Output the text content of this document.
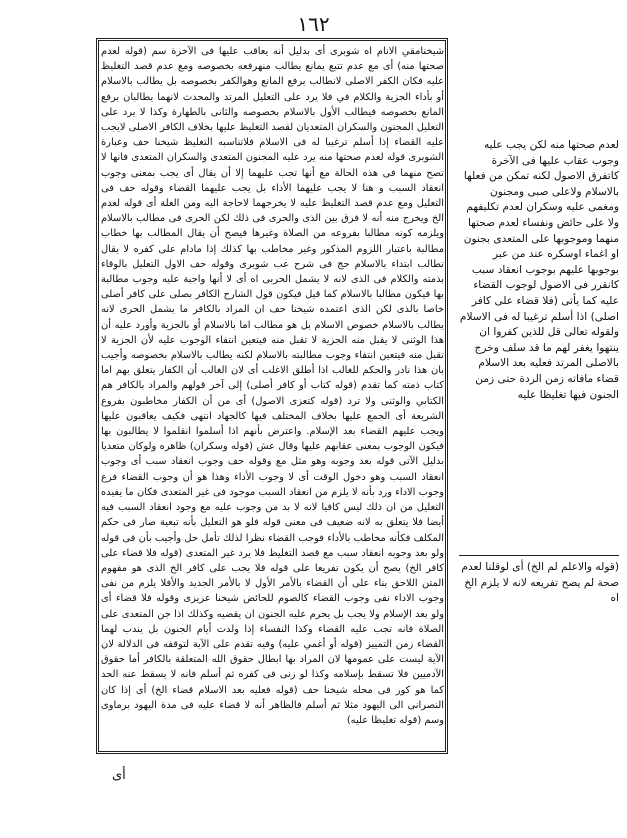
١٦٢

شيخنامقي الانام اه شوبرى أى بدليل أنه يعاقب عليها فى الآخرة سم (قوله لعدم صحتها منه) أى مع عدم تتبع يمانع يطالب منهرفعه بخصوصه ومع عدم قصد التغليظ عليه فكان الكفر الاصلى لانطالب برفع المانع وهوالكفر بخصوصه بل يطالب بالاسلام أو بأداء الجزية والكلام في فلا يرد على التعليل المرتد والمحدث لانهما يطالبان برفع المانع بخصوصه فيطالب الأول بالاسلام بخصوصه والثانى بالطهارة وكذا لا يرد على التعليل المجنون والسكران المتعديان لقصد التغليظ عليها بخلاف الكافر الاصلى لايجب عليه القضاء إذا أسلم ترغيبا له فى الاسلام فلاتناسبه التغليظ شيخنا حف وعبارة الشوبرى قوله لعدم صحتها منه يرد عليه المجنون المتعدى والسكران المتعدى فانها لا تصح منهما فى هذه الحالة مع أنها تجب عليهما إلا أن يقال أى يجب بمعنى وجوب انعقاد السبب و هنا لا يجب عليهما الأداء بل يجب عليهما القضاء وقوله حف فى التعليل ومع عدم قصد التغليظ عليه لا يخرجهما لاحاجة اليه ومن العلة أى قوله لعدم الخ ويخرج منه أنه لا فرق بين الذى والحرى فى ذلك لكن الحرى فى مطالب بالاسلام ويلزمه كونه مطالبا بفروعه من الصلاة وغيرها فيصح أن يقال المطالب بها خطاب مطالبة باعتبار اللزوم المذكور وغير مخاطب بها كذلك إذا مادام على كفره لا يقال تطالب ابتداء بالاسلام حج فى شرح عب شوبرى وقوله حف الاول التعليل بالوقاء بذمته والكلام فى الذى لانه لا يشمل الحربى اه أى لا أنها واجبة عليه وجوب مطالبة بها فيكون مطالبا بالاسلام كما قيل فيكون قول الشارح الكافر بصلى على كافر أصلى خاصا بالذى لكن الذى اعتمده شيخنا حف ان المراد بالكافر ما يشمل الحرى لانه يطالب بالاسلام خصوص الاسلام بل هو مطالب اما بالاسلام أو بالجزية وأورد عليه أن هذا الوثنى لا يقبل منه الجزية لا تقبل منه فيتعين انتفاء الوجوب عليه لأن الجزية لا تقبل منه فيتعين انتفاء وجوب مطالبته بالاسلام لكنه يطالب بالاسلام بخصوصه وأجيب بان هذا نادر والحكم للغالب اذا أطلق الاغلب أى لان الغالب أن الكفار يتعلق بهم اما كتاب ذمته كما تقدم (قوله كتاب أو كافر أصلى) إلى آخر قولهم والمراد بالكافر هم الكتابي والوثنى ولا ترد (قوله كتعزى الاصول) أى من أن الكفار مخاطبون بفروع الشريعة أى الجمع عليها بخلاف المختلف فيها كالجهاد انتهى فكيف يعاقبون عليها ويجب عليهم القضاء بعد الإسلام. واعترض بأنهم اذا أسلموا انقلموا لا يطالبون بها فيكون الوجوب بمعنى عقابهم عليها وقال عش (قوله وسكران) ظاهره ولوكان متعديا بدليل الآتى قوله بعد وجوبه وهو مثل مع وقوله حف وجوب انعقاد سبب أى وجوب انعقاد السبب وهو دخول الوقت أى لا وجوب الأداء وهذا هو أن وجوب القضاء فرع وجوب الاداء ورد بأنه لا يلزم من انعقاد السبب موجود فى غير المتعدى فكان ما يفيده التعليل من ان ذلك ليس كافيا لانه لا بد من وجوب عليه مع وجود انعقاد السبب فيه أيضا فلا يتعلق به لانه ضعيف فى معنى قوله فلو هو التعليل بأنه تبعية صار فى حكم المكلف فكأنه مخاطب بالأداء فوجب القضاء نظرا لذلك تأمل حل وأجيب بأن فى قوله ولو بعد وجوبه انعقاد سبب مع قصد التغليظ فلا يرد غير المتعدى (قوله فلا قضاء على كافر الخ) يصح أن يكون تفريعا على قوله فلا يجب على كافر الخ الذى هو مفهوم المتن اللاحق بناء على أن القضاء بالأمر الأول لا بالأمر الجديد والأفلا يلزم من نفى وجوب الاداء نفى وجوب القضاء كالصوم للحائض شيخنا عزيزى وقوله فلا قضاء أى ولو بعد الإسلام ولا يجب بل يحرم عليه الجنون ان يقضيه وكذلك اذا جن المتعدى على الصلاة فانه تجب عليه القضاء وكذا النفساء إذا ولدت أيام الجنون بل يندب لهما القضاء زمن التمييز (قوله أو أغمي عليه) وفيه تقدم على الآية لتوقفه فى الدلالة لان الآية ليست على عمومها لان المراد بها ابطال حقوق الله المتعلقة بالكافر أما حقوق الآدميين فلا تسقط بإسلامه وكذا لو زنى فى كفره ثم أسلم فانه لا يسقط عنه الحد كما هو كور فى محله شيخنا حف (قوله فعليه بعد الاسلام قضاء الخ) أى إذا كان النصرانى الى اليهود مثلا ثم أسلم فالظاهر أنه لا قضاء عليه فى مدة اليهود برماوى وسم (قوله تغليظا عليه)

لعدم صحتها منه لكن يجب عليه وجوب عقاب عليها فى الآخرة كاتفرق الاصول لكنه تمكن من فعلها بالاسلام ولاعلى صبى ومجنون ومغمى عليه وسكران لعدم تكليفهم ولا على حائض ونفساء لعدم صحتها منهما وموجوبها على المتعدى بجنون او اغماء اوسكره عند من عبر بوجوبها عليهم بوجوب انعقاد سبب كانقرر فى الاصول لوجوب القضاء عليه كما يأتى (فلا قضاء على كافر اصلى) اذا أسلم ترغيبا له فى الاسلام ولقوله تعالى قل للذين كفروا ان ينتهوا يغفر لهم ما قد سلف وخرج بالاصلى المرتد فعليه بعد الاسلام قضاء مافاته زمن الردة حتى زمن الجنون فيها تغليظا عليه

(قوله والاعلم لم الخ) أى لوقلنا لعدم صحة لم يصح تفريعه لانه لا يلزم الخ اه

أى
